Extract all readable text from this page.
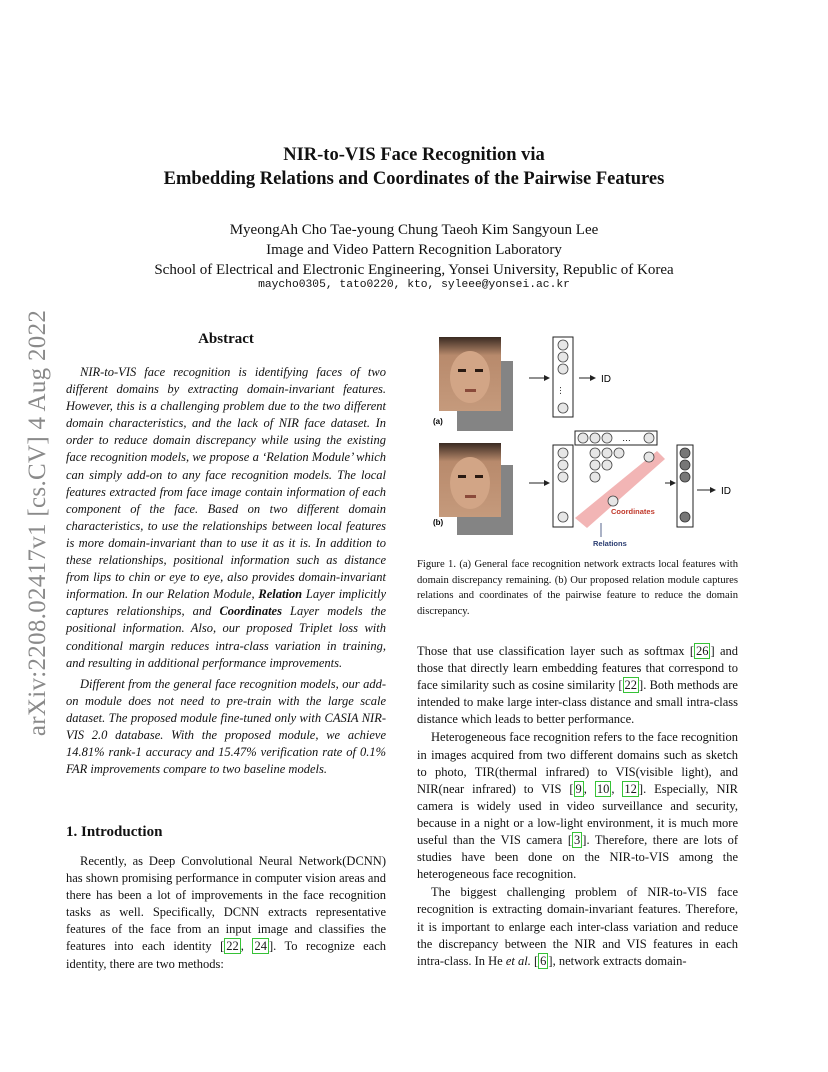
arXiv:2208.02417v1 [cs.CV] 4 Aug 2022
NIR-to-VIS Face Recognition via
Embedding Relations and Coordinates of the Pairwise Features
MyeongAh Cho Tae-young Chung Taeoh Kim Sangyoun Lee
Image and Video Pattern Recognition Laboratory
School of Electrical and Electronic Engineering, Yonsei University, Republic of Korea
maycho0305, tato0220, kto, syleee@yonsei.ac.kr
Abstract

NIR-to-VIS face recognition is identifying faces of two different domains by extracting domain-invariant features. However, this is a challenging problem due to the two different domain characteristics, and the lack of NIR face dataset. In order to reduce domain discrepancy while using the existing face recognition models, we propose a ‘Relation Module’ which can simply add-on to any face recognition models. The local features extracted from face image contain information of each component of the face. Based on two different domain characteristics, to use the relationships between local features is more domain-invariant than to use it as it is. In addition to these relationships, positional information such as distance from lips to chin or eye to eye, also provides domain-invariant information. In our Relation Module, Relation Layer implicitly captures relationships, and Coordinates Layer models the positional information. Also, our proposed Triplet loss with conditional margin reduces intra-class variation in training, and resulting in additional performance improvements.

Different from the general face recognition models, our add-on module does not need to pre-train with the large scale dataset. The proposed module fine-tuned only with CASIA NIR-VIS 2.0 database. With the proposed module, we achieve 14.81% rank-1 accuracy and 15.47% verification rate of 0.1% FAR improvements compare to two baseline models.

1. Introduction

Recently, as Deep Convolutional Neural Network(DCNN) has shown promising performance in computer vision areas and there has been a lot of improvements in the face recognition tasks as well. Specifically, DCNN extracts representative features of the face from an input image and classifies the features into each identity [ 22 , 24 ]. To recognize each identity, there are two methods:

(a)
…
ID
(b)
…
Coordinates
Relations
ID
Figure 1. (a) General face recognition network extracts local features with domain discrepancy remaining. (b) Our proposed relation module captures relations and coordinates of the pairwise feature to reduce the domain discrepancy.

Those that use classification layer such as softmax [ 26 ] and those that directly learn embedding features that correspond to face similarity such as cosine similarity [ 22 ]. Both methods are intended to make large inter-class distance and small intra-class distance which leads to better performance.

Heterogeneous face recognition refers to the face recognition in images acquired from two different domains such as sketch to photo, TIR(thermal infrared) to VIS(visible light), and NIR(near infrared) to VIS [ 9 , 10 , 12 ]. Especially, NIR camera is widely used in video surveillance and security, because in a night or a low-light environment, it is much more useful than the VIS camera [ 3 ]. Therefore, there are lots of studies have been done on the NIR-to-VIS among the heterogeneous face recognition.

The biggest challenging problem of NIR-to-VIS face recognition is extracting domain-invariant features. Therefore, it is important to enlarge each inter-class variation and reduce the discrepancy between the NIR and VIS features in each intra-class. In He et al. [ 6 ], network extracts domain-
